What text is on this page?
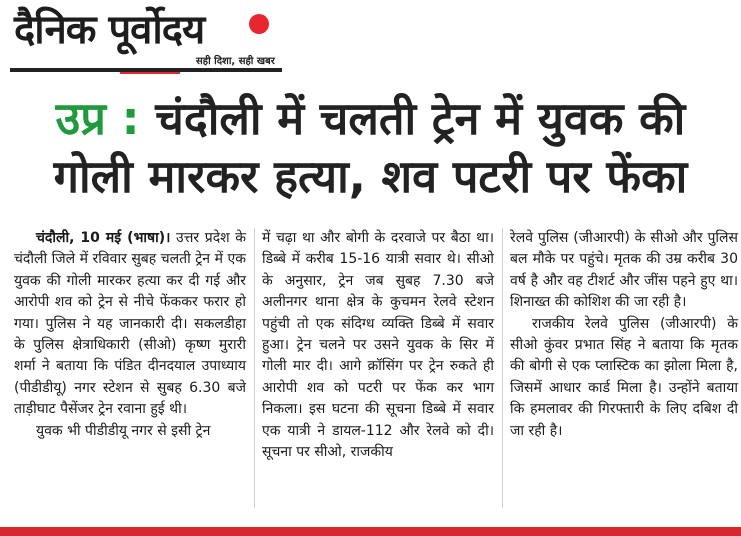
दैनिक पूर्वोदय
सही दिशा, सही खबर
उप्र : चंदौली में चलती ट्रेन में युवक की
गोली मारकर हत्या, शव पटरी पर फेंका

चंदौली, 10 मई (भाषा)। उत्तर प्रदेश के चंदौली जिले में रविवार सुबह चलती ट्रेन में एक युवक की गोली मारकर हत्या कर दी गई और आरोपी शव को ट्रेन से नीचे फेंककर फरार हो गया। पुलिस ने यह जानकारी दी। सकलडीहा के पुलिस क्षेत्राधिकारी (सीओ) कृष्ण मुरारी शर्मा ने बताया कि पंडित दीनदयाल उपाध्याय (पीडीडीयू) नगर स्टेशन से सुबह 6.30 बजे ताड़ीघाट पैसेंजर ट्रेन रवाना हुई थी।

युवक भी पीडीडीयू नगर से इसी ट्रेन

में चढ़ा था और बोगी के दरवाजे पर बैठा था। डिब्बे में करीब 15-16 यात्री सवार थे। सीओ के अनुसार, ट्रेन जब सुबह 7.30 बजे अलीनगर थाना क्षेत्र के कुचमन रेलवे स्टेशन पहुंची तो एक संदिग्ध व्यक्ति डिब्बे में सवार हुआ। ट्रेन चलने पर उसने युवक के सिर में गोली मार दी। आगे क्रॉसिंग पर ट्रेन रुकते ही आरोपी शव को पटरी पर फेंक कर भाग निकला। इस घटना की सूचना डिब्बे में सवार एक यात्री ने डायल-112 और रेलवे को दी। सूचना पर सीओ, राजकीय

रेलवे पुलिस (जीआरपी) के सीओ और पुलिस बल मौके पर पहुंचे। मृतक की उम्र करीब 30 वर्ष है और वह टीशर्ट और जींस पहने हुए था। शिनाख्त की कोशिश की जा रही है।

राजकीय रेलवे पुलिस (जीआरपी) के सीओ कुंवर प्रभात सिंह ने बताया कि मृतक की बोगी से एक प्लास्टिक का झोला मिला है, जिसमें आधार कार्ड मिला है। उन्होंने बताया कि हमलावर की गिरफ्तारी के लिए दबिश दी जा रही है।
